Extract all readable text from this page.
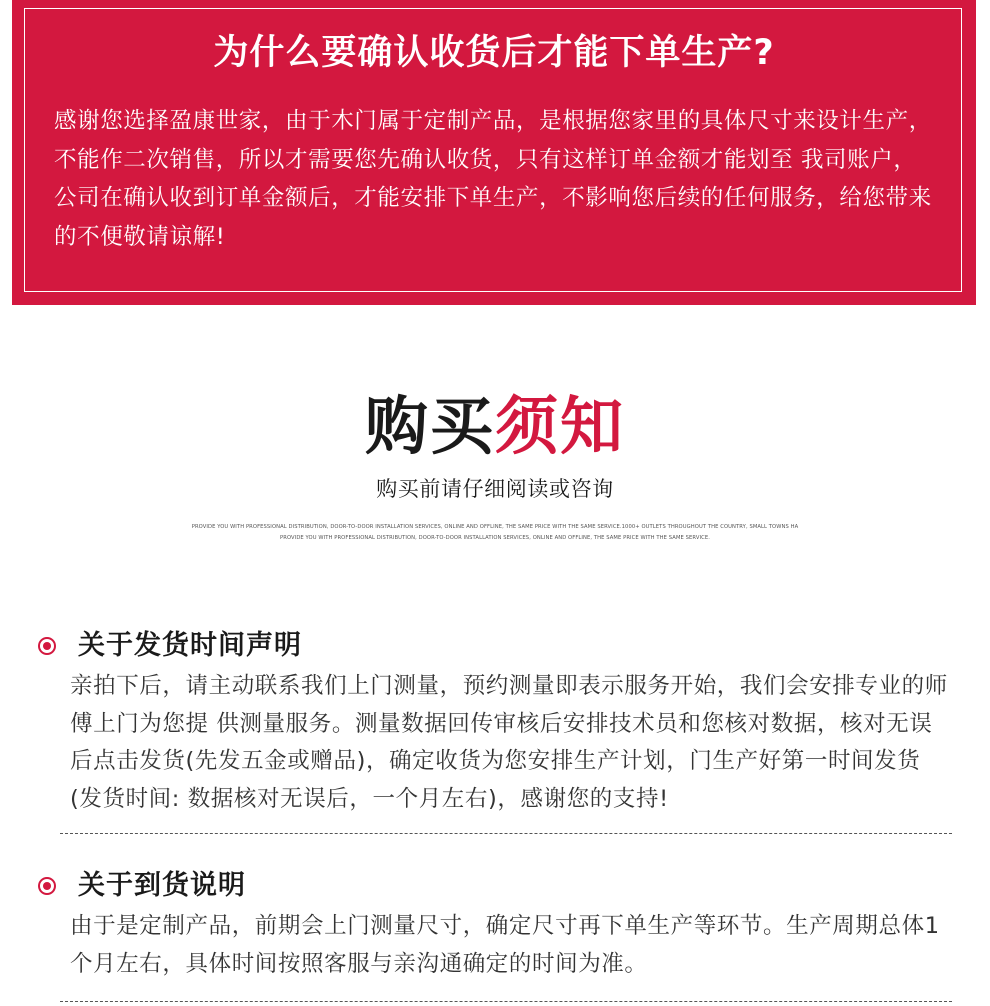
为什么要确认收货后才能下单生产?
感谢您选择盈康世家，由于木门属于定制产品，是根据您家里的具体尺寸来设计生产，不能作二次销售，所以才需要您先确认收货，只有这样订单金额才能划至 我司账户，公司在确认收到订单金额后，才能安排下单生产，不影响您后续的任何服务，给您带来的不便敬请谅解!
购买须知
购买前请仔细阅读或咨询
PROVIDE YOU WITH PROFESSIONAL DISTRIBUTION, DOOR-TO-DOOR INSTALLATION SERVICES, ONLINE AND OFFLINE, THE SAME PRICE WITH THE SAME SERVICE.1000+ OUTLETS THROUGHOUT THE COUNTRY, SMALL TOWNS HA
PROVIDE YOU WITH PROFESSIONAL DISTRIBUTION, DOOR-TO-DOOR INSTALLATION SERVICES, ONLINE AND OFFLINE, THE SAME PRICE WITH THE SAME SERVICE.
关于发货时间声明
亲拍下后，请主动联系我们上门测量，预约测量即表示服务开始，我们会安排专业的师傅上门为您提 供测量服务。测量数据回传审核后安排技术员和您核对数据，核对无误后点击发货(先发五金或赠品)，确定收货为您安排生产计划，门生产好第一时间发货(发货时间: 数据核对无误后，一个月左右)，感谢您的支持!
关于到货说明
由于是定制产品，前期会上门测量尺寸，确定尺寸再下单生产等环节。生产周期总体1个月左右，具体时间按照客服与亲沟通确定的时间为准。
